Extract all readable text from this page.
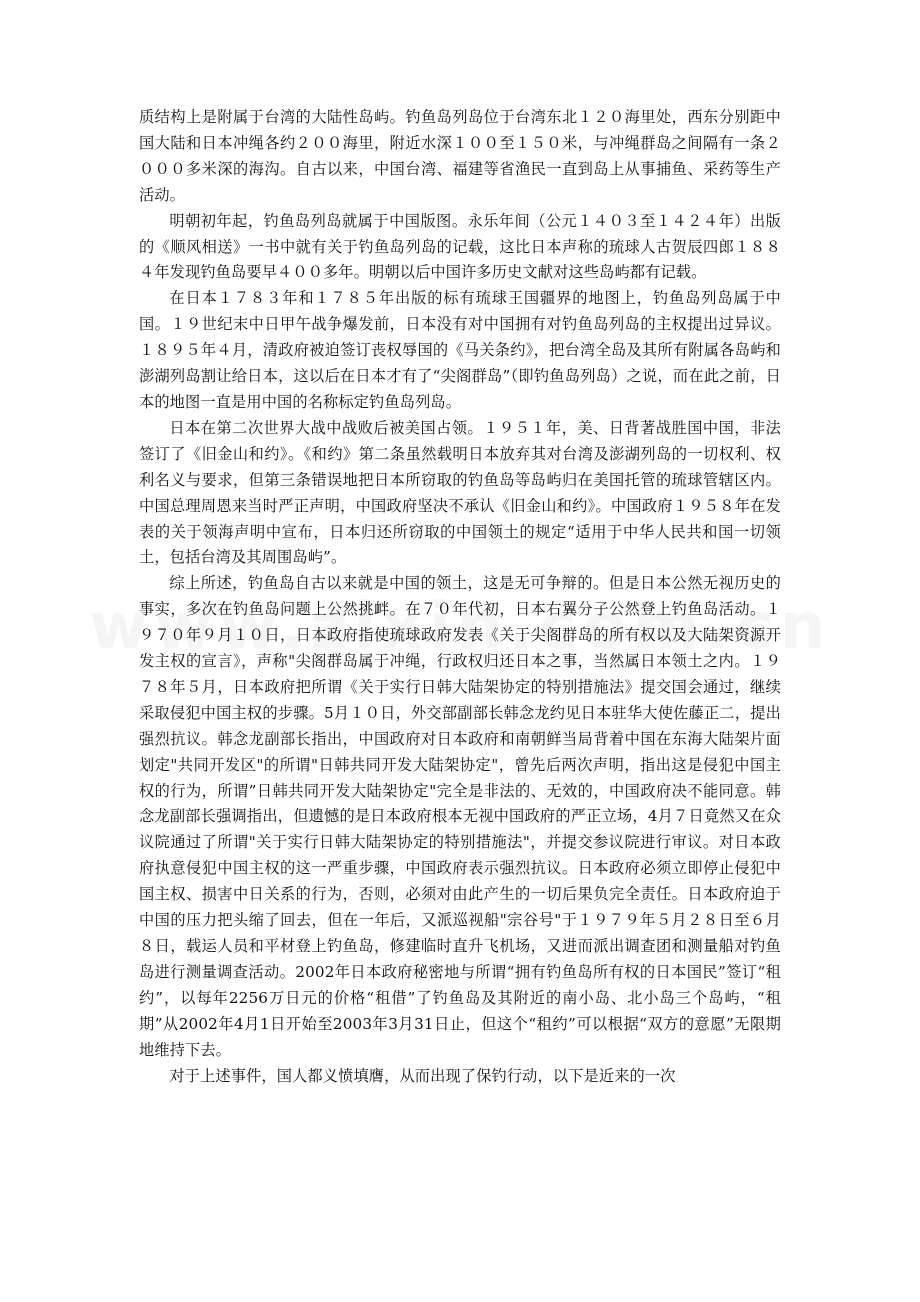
质结构上是附属于台湾的大陆性岛屿。钓鱼岛列岛位于台湾东北１２０海里处，西东分别距中国大陆和日本冲绳各约２００海里，附近水深１００至１５０米，与冲绳群岛之间隔有一条２０００多米深的海沟。自古以来，中国台湾、福建等省渔民一直到岛上从事捕鱼、采药等生产活动。

明朝初年起，钓鱼岛列岛就属于中国版图。永乐年间（公元１４０３至１４２４年）出版的《顺风相送》一书中就有关于钓鱼岛列岛的记载，这比日本声称的琉球人古贺辰四郎１８８４年发现钓鱼岛要早４００多年。明朝以后中国许多历史文献对这些岛屿都有记载。

在日本１７８３年和１７８５年出版的标有琉球王国疆界的地图上，钓鱼岛列岛属于中国。１９世纪末中日甲午战争爆发前，日本没有对中国拥有对钓鱼岛列岛的主权提出过异议。１８９５年４月，清政府被迫签订丧权辱国的《马关条约》，把台湾全岛及其所有附属各岛屿和澎湖列岛割让给日本，这以后在日本才有了“尖阁群岛”（即钓鱼岛列岛）之说，而在此之前，日本的地图一直是用中国的名称标定钓鱼岛列岛。

日本在第二次世界大战中战败后被美国占领。１９５１年，美、日背著战胜国中国，非法签订了《旧金山和约》。《和约》第二条虽然载明日本放弃其对台湾及澎湖列岛的一切权利、权利名义与要求，但第三条错误地把日本所窃取的钓鱼岛等岛屿归在美国托管的琉球管辖区内。中国总理周恩来当时严正声明，中国政府坚决不承认《旧金山和约》。中国政府１９５８年在发表的关于领海声明中宣布，日本归还所窃取的中国领土的规定“适用于中华人民共和国一切领土，包括台湾及其周围岛屿”。

综上所述，钓鱼岛自古以来就是中国的领土，这是无可争辩的。但是日本公然无视历史的事实，多次在钓鱼岛问题上公然挑衅。在７０年代初，日本右翼分子公然登上钓鱼岛活动。１９７０年９月１０日，日本政府指使琉球政府发表《关于尖阁群岛的所有权以及大陆架资源开发主权的宣言》，声称"尖阁群岛属于冲绳，行政权归还日本之事，当然属日本领土之内。１９７８年５月，日本政府把所谓《关于实行日韩大陆架协定的特别措施法》提交国会通过，继续采取侵犯中国主权的步骤。5月１０日，外交部副部长韩念龙约见日本驻华大使佐藤正二，提出强烈抗议。韩念龙副部长指出，中国政府对日本政府和南朝鲜当局背着中国在东海大陆架片面划定"共同开发区"的所谓"日韩共同开发大陆架协定"，曾先后两次声明，指出这是侵犯中国主权的行为，所谓”日韩共同开发大陆架协定"完全是非法的、无效的，中国政府决不能同意。韩念龙副部长强调指出，但遗憾的是日本政府根本无视中国政府的严正立场，4月７日竟然又在众议院通过了所谓"关于实行日韩大陆架协定的特别措施法"，并提交参议院进行审议。对日本政府执意侵犯中国主权的这一严重步骤，中国政府表示强烈抗议。日本政府必须立即停止侵犯中国主权、损害中日关系的行为，否则，必须对由此产生的一切后果负完全责任。日本政府迫于中国的压力把头缩了回去，但在一年后，又派巡视船"宗谷号"于１９７９年５月２８日至６月８日，载运人员和平材登上钓鱼岛，修建临时直升飞机场，又进而派出调查团和测量船对钓鱼岛进行测量调查活动。2002年日本政府秘密地与所谓“拥有钓鱼岛所有权的日本国民”签订“租约”，以每年2256万日元的价格“租借”了钓鱼岛及其附近的南小岛、北小岛三个岛屿，“租期”从2002年4月1日开始至2003年3月31日止，但这个“租约”可以根据“双方的意愿”无限期地维持下去。

对于上述事件，国人都义愤填膺，从而出现了保钓行动，以下是近来的一次
